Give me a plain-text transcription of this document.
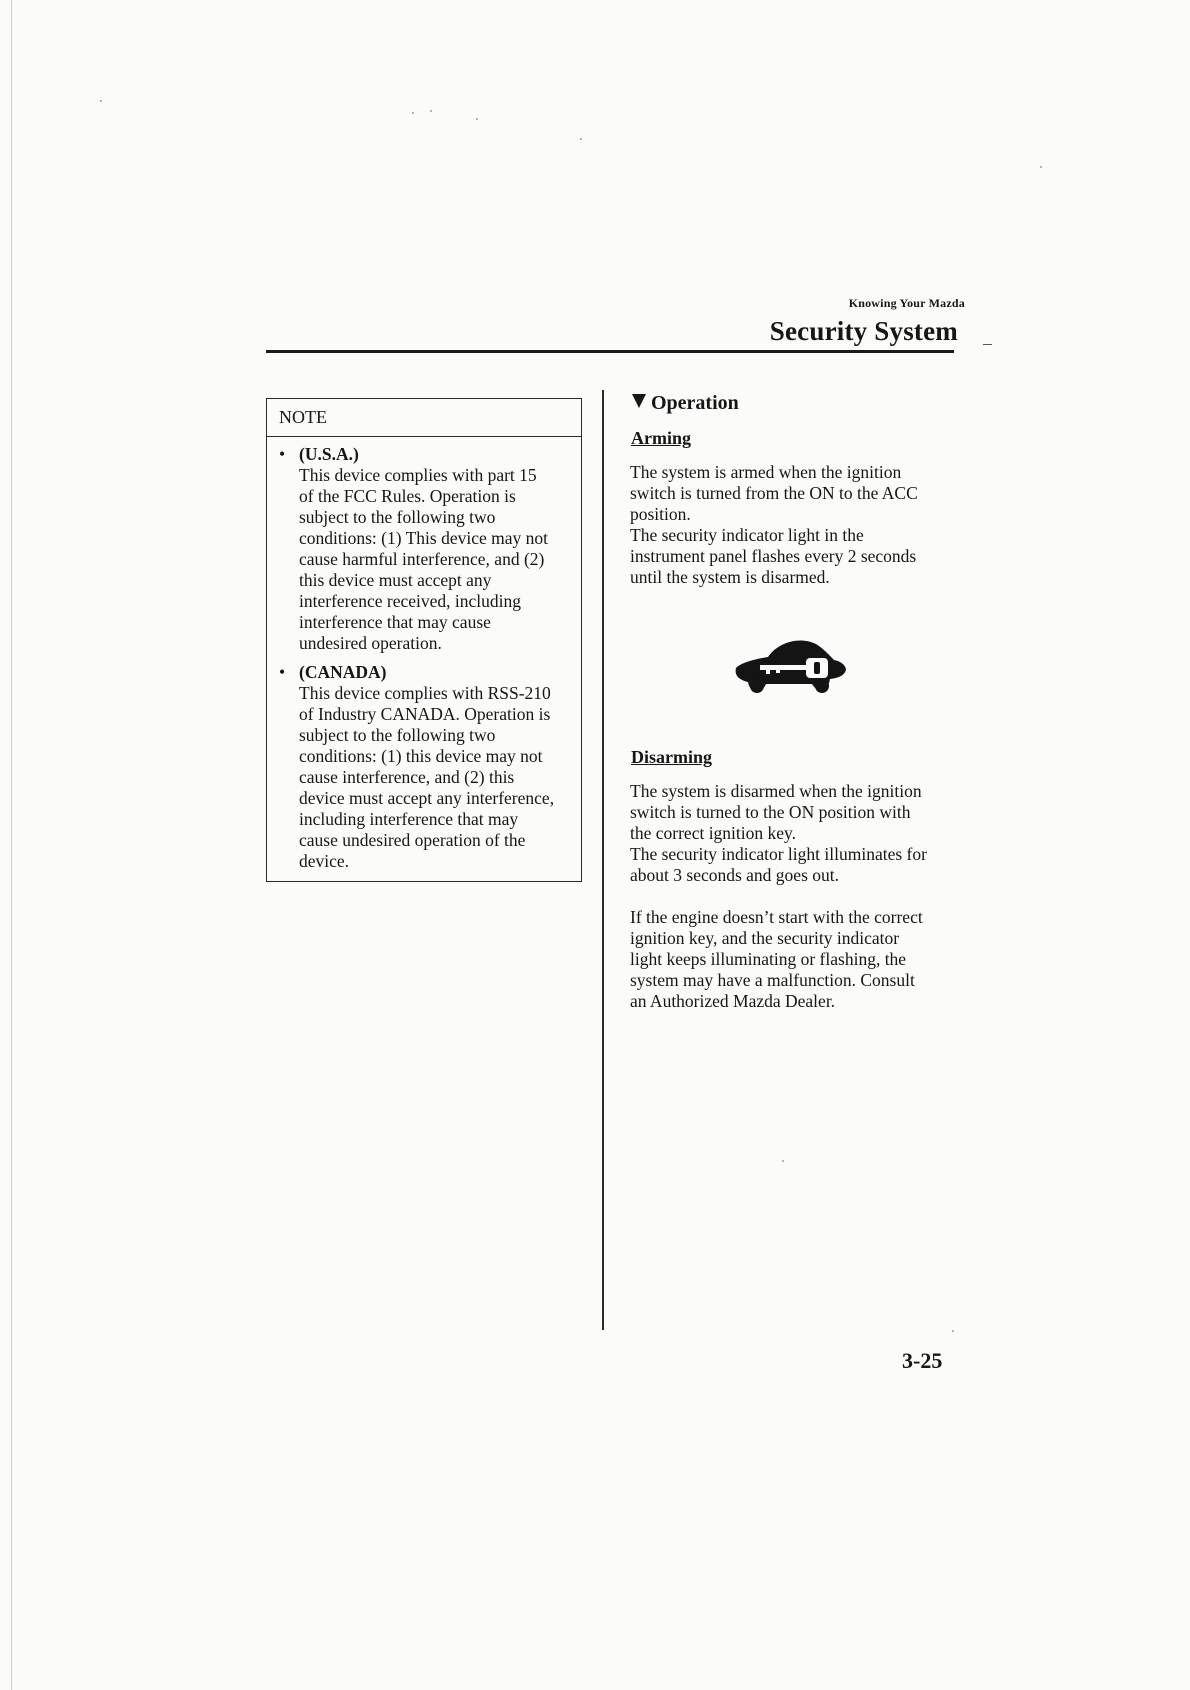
Knowing Your Mazda
Security System
NOTE
• (U.S.A.)
This device complies with part 15
of the FCC Rules. Operation is
subject to the following two
conditions: (1) This device may not
cause harmful interference, and (2)
this device must accept any
interference received, including
interference that may cause
undesired operation.
• (CANADA)
This device complies with RSS-210
of Industry CANADA. Operation is
subject to the following two
conditions: (1) this device may not
cause interference, and (2) this
device must accept any interference,
including interference that may
cause undesired operation of the
device.
Operation
Arming
The system is armed when the ignition
switch is turned from the ON to the ACC
position.
The security indicator light in the
instrument panel flashes every 2 seconds
until the system is disarmed.
Disarming
The system is disarmed when the ignition
switch is turned to the ON position with
the correct ignition key.
The security indicator light illuminates for
about 3 seconds and goes out.
If the engine doesn’t start with the correct
ignition key, and the security indicator
light keeps illuminating or flashing, the
system may have a malfunction. Consult
an Authorized Mazda Dealer.
3-25
